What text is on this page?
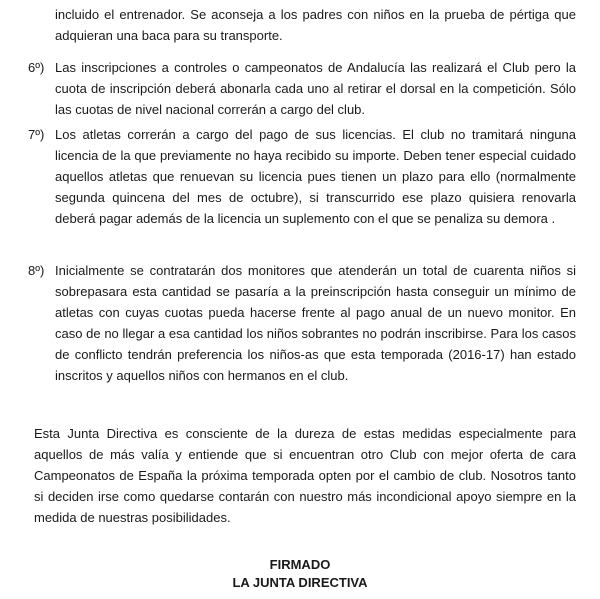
incluido el entrenador. Se aconseja a los padres con niños en la prueba de pértiga que adquieran una baca para su transporte.
6º) Las inscripciones a controles o campeonatos de Andalucía las realizará el Club pero la cuota de inscripción deberá abonarla cada uno al retirar el dorsal en la competición. Sólo las cuotas de nivel nacional correrán a cargo del club.
7º) Los atletas correrán a cargo del pago de sus licencias. El club no tramitará ninguna licencia de la que previamente no haya recibido su importe. Deben tener especial cuidado aquellos atletas que renuevan su licencia pues tienen un plazo para ello (normalmente segunda quincena del mes de octubre), si transcurrido ese plazo quisiera renovarla deberá pagar además de la licencia un suplemento con el que se penaliza su demora .
8º) Inicialmente se contratarán dos monitores que atenderán un total de cuarenta niños si sobrepasara esta cantidad se pasaría a la preinscripción hasta conseguir un mínimo de atletas con cuyas cuotas pueda hacerse frente al pago anual de un nuevo monitor. En caso de no llegar a esa cantidad los niños sobrantes no podrán inscribirse. Para los casos de conflicto tendrán preferencia los niños-as que esta temporada (2016-17) han estado inscritos y aquellos niños con hermanos en el club.
Esta Junta Directiva es consciente de la dureza de estas medidas especialmente para aquellos de más valía y entiende que si encuentran otro Club con mejor oferta de cara Campeonatos de España la próxima temporada opten por el cambio de club. Nosotros tanto si deciden irse como quedarse contarán con nuestro más incondicional apoyo siempre en la medida de nuestras posibilidades.
FIRMADO
LA JUNTA DIRECTIVA
